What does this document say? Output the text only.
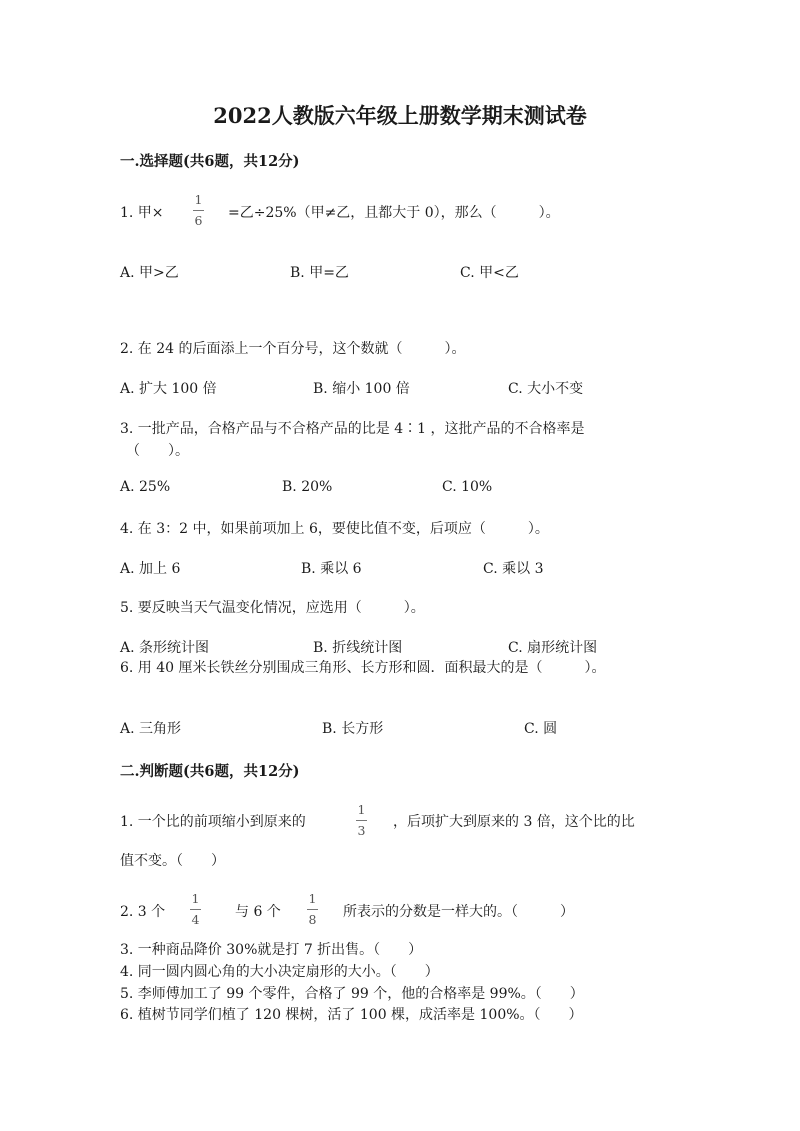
2022人教版六年级上册数学期末测试卷
一.选择题(共6题，共12分)
1. 甲×
1
6 =乙÷25%（甲≠乙，且都大于 0），那么（　　　）。
A. 甲>乙	B. 甲=乙	C. 甲<乙
2. 在 24 的后面添上一个百分号，这个数就（　　　）。
A. 扩大 100 倍	B. 缩小 100 倍	C. 大小不变
3. 一批产品，合格产品与不合格产品的比是 4∶1 ，这批产品的不合格率是
（　　）。
A. 25%	B. 20%	C. 10%
4. 在 3：2 中，如果前项加上 6，要使比值不变，后项应（　　　）。
A. 加上 6	B. 乘以 6	C. 乘以 3
5. 要反映当天气温变化情况，应选用（　　　）。
A. 条形统计图	B. 折线统计图	C. 扇形统计图
6. 用 40 厘米长铁丝分别围成三角形、长方形和圆．面积最大的是（　　　）。
A. 三角形	B. 长方形	C. 圆
二.判断题(共6题，共12分)
1. 一个比的前项缩小到原来的
1
3 ，后项扩大到原来的 3 倍，这个比的比
值不变。（　　）
2. 3 个
1
4	与 6 个
1
8 所表示的分数是一样大的。（　　　）
3. 一种商品降价 30%就是打 7 折出售。（　　）
4. 同一圆内圆心角的大小决定扇形的大小。（　　）
5. 李师傅加工了 99 个零件，合格了 99 个，他的合格率是 99%。（　　）
6. 植树节同学们植了 120 棵树，活了 100 棵，成活率是 100%。（　　）
